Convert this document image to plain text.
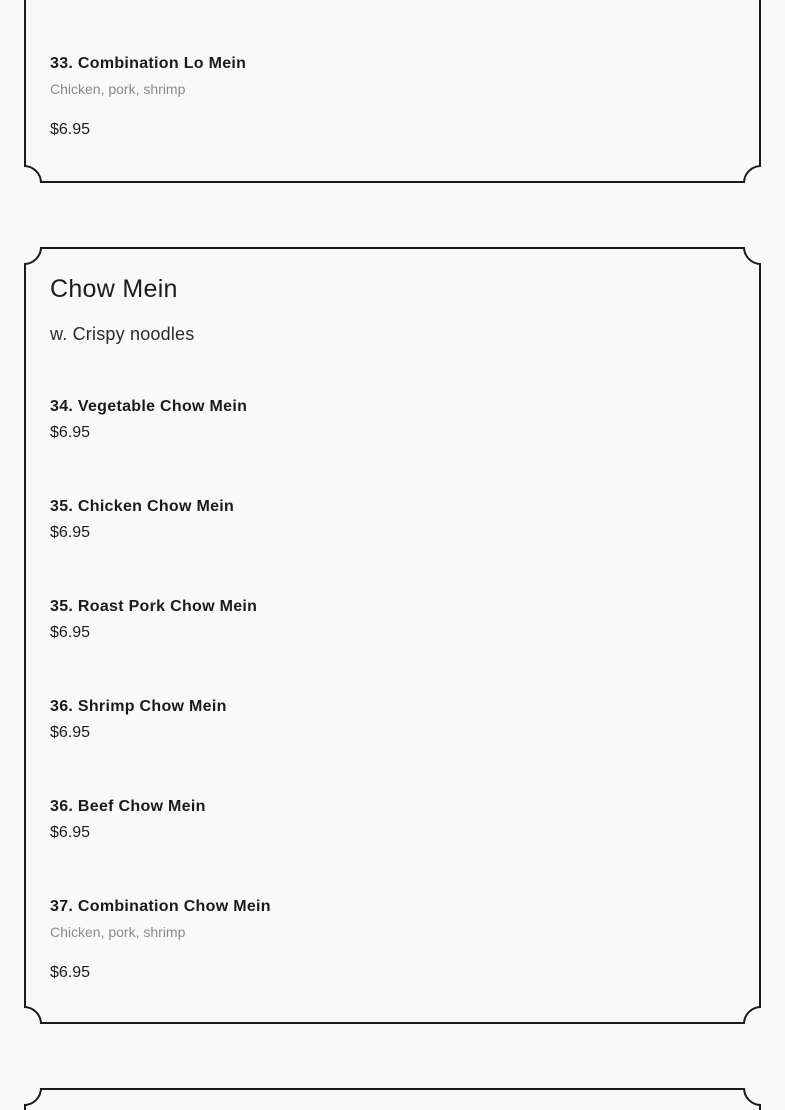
33. Combination Lo Mein
Chicken, pork, shrimp
$6.95
Chow Mein
w. Crispy noodles
34. Vegetable Chow Mein
$6.95
35. Chicken Chow Mein
$6.95
35. Roast Pork Chow Mein
$6.95
36. Shrimp Chow Mein
$6.95
36. Beef Chow Mein
$6.95
37. Combination Chow Mein
Chicken, pork, shrimp
$6.95
